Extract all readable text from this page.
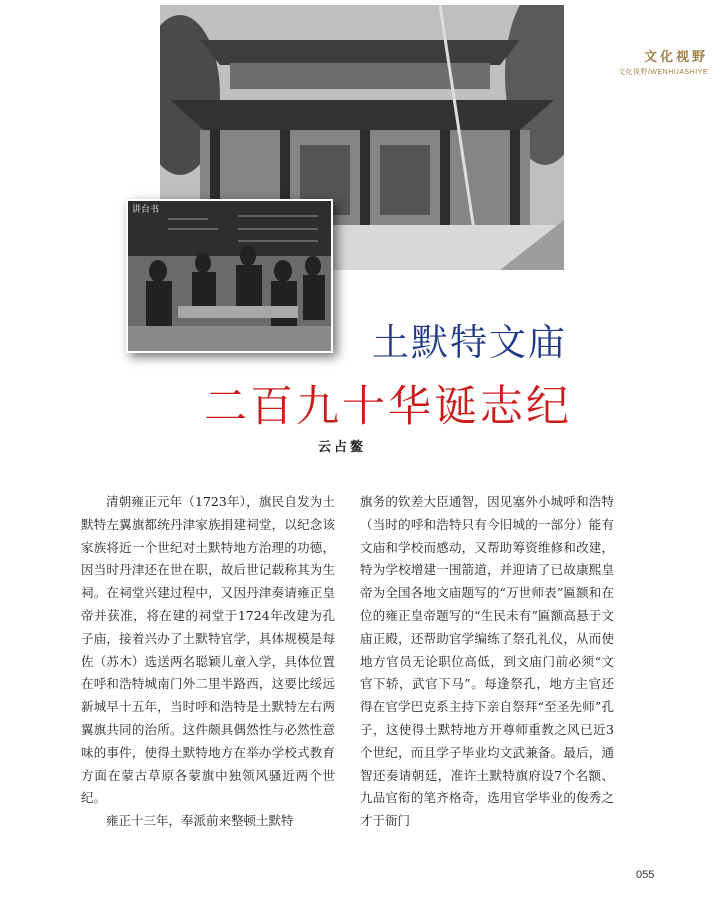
讲台书
文化视野
文化视野/WENHUASHIYE
土默特文庙
二百九十华诞志纪
云占鳌

清朝雍正元年（1723年），旗民自发为土默特左翼旗都统丹津家族捐建祠堂，以纪念该家族将近一个世纪对土默特地方治理的功德，因当时丹津还在世在职，故后世记载称其为生祠。在祠堂兴建过程中，又因丹津奏请雍正皇帝并获准，将在建的祠堂于1724年改建为孔子庙，接着兴办了土默特官学，具体规模是每佐（苏木）选送两名聪颖儿童入学，具体位置在呼和浩特城南门外二里半路西，这要比绥远新城早十五年，当时呼和浩特是土默特左右两翼旗共同的治所。这件颇具偶然性与必然性意味的事件，使得土默特地方在举办学校式教育方面在蒙古草原各蒙旗中独领风骚近两个世纪。

雍正十三年，奉派前来整顿土默特

旗务的钦差大臣通智，因见塞外小城呼和浩特（当时的呼和浩特只有今旧城的一部分）能有文庙和学校而感动，又帮助筹资维修和改建，特为学校增建一围箭道，并迎请了已故康熙皇帝为全国各地文庙题写的“万世师表”匾额和在位的雍正皇帝题写的“生民未有”匾额高悬于文庙正殿，还帮助官学编练了祭孔礼仪，从而使地方官员无论职位高低，到文庙门前必须“文官下轿，武官下马”。每逢祭孔，地方主官还得在官学巴克系主持下亲自祭拜“至圣先师”孔子，这使得土默特地方开尊师重教之风已近3个世纪，而且学子毕业均文武兼备。最后，通智还奏请朝廷，准许土默特旗府设7个名额、九品官衔的笔齐格奇，选用官学毕业的俊秀之才于衙门

055
